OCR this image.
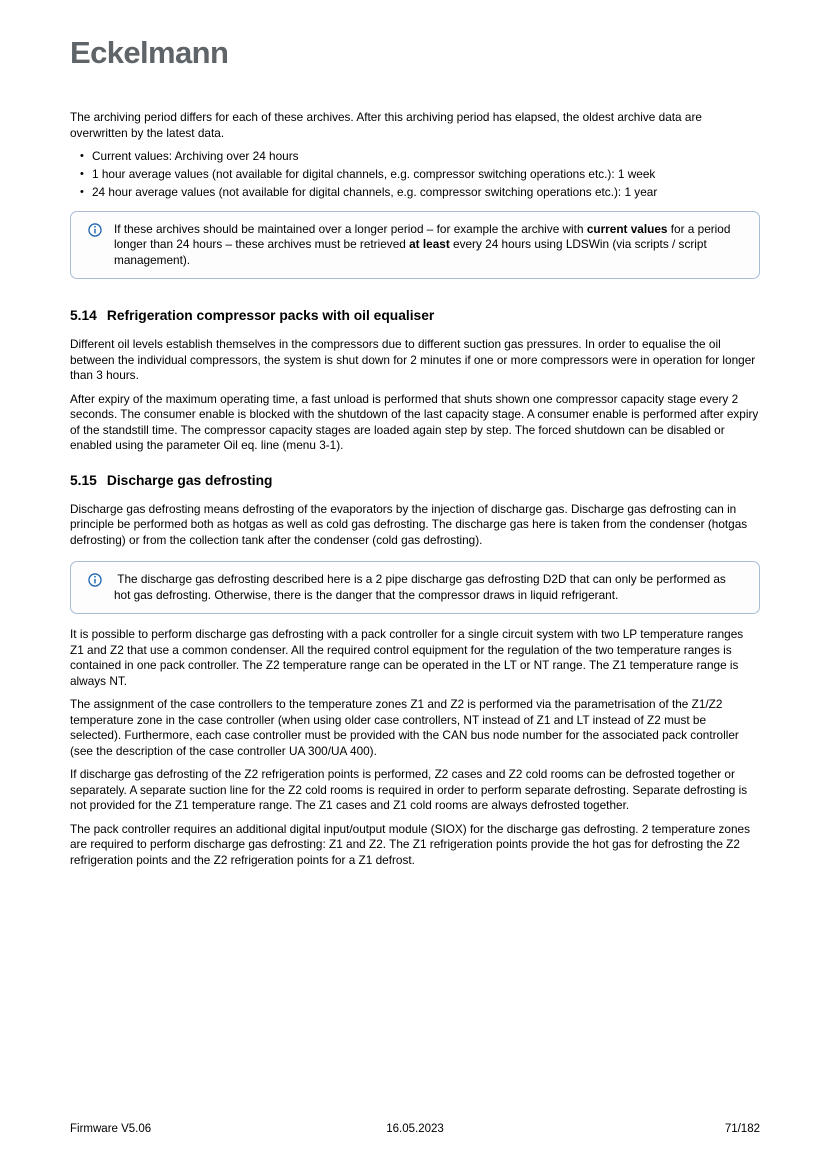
Eckelmann
The archiving period differs for each of these archives. After this archiving period has elapsed, the oldest archive data are overwritten by the latest data.
• Current values: Archiving over 24 hours
• 1 hour average values (not available for digital channels, e.g. compressor switching operations etc.): 1 week
• 24 hour average values (not available for digital channels, e.g. compressor switching operations etc.): 1 year
If these archives should be maintained over a longer period – for example the archive with current values for a period longer than 24 hours – these archives must be retrieved at least every 24 hours using LDSWin (via scripts / script management).
5.14 Refrigeration compressor packs with oil equaliser
Different oil levels establish themselves in the compressors due to different suction gas pressures. In order to equalise the oil between the individual compressors, the system is shut down for 2 minutes if one or more compressors were in operation for longer than 3 hours.
After expiry of the maximum operating time, a fast unload is performed that shuts shown one compressor capacity stage every 2 seconds. The consumer enable is blocked with the shutdown of the last capacity stage. A consumer enable is performed after expiry of the standstill time. The compressor capacity stages are loaded again step by step. The forced shutdown can be disabled or enabled using the parameter Oil eq. line (menu 3-1).
5.15 Discharge gas defrosting
Discharge gas defrosting means defrosting of the evaporators by the injection of discharge gas. Discharge gas defrosting can in principle be performed both as hotgas as well as cold gas defrosting. The discharge gas here is taken from the condenser (hotgas defrosting) or from the collection tank after the condenser (cold gas defrosting).
The discharge gas defrosting described here is a 2 pipe discharge gas defrosting D2D that can only be performed as hot gas defrosting. Otherwise, there is the danger that the compressor draws in liquid refrigerant.
It is possible to perform discharge gas defrosting with a pack controller for a single circuit system with two LP temperature ranges Z1 and Z2 that use a common condenser. All the required control equipment for the regulation of the two temperature ranges is contained in one pack controller. The Z2 temperature range can be operated in the LT or NT range. The Z1 temperature range is always NT.
The assignment of the case controllers to the temperature zones Z1 and Z2 is performed via the parametrisation of the Z1/Z2 temperature zone in the case controller (when using older case controllers, NT instead of Z1 and LT instead of Z2 must be selected). Furthermore, each case controller must be provided with the CAN bus node number for the associated pack controller (see the description of the case controller UA 300/UA 400).
If discharge gas defrosting of the Z2 refrigeration points is performed, Z2 cases and Z2 cold rooms can be defrosted together or separately. A separate suction line for the Z2 cold rooms is required in order to perform separate defrosting. Separate defrosting is not provided for the Z1 temperature range. The Z1 cases and Z1 cold rooms are always defrosted together.
The pack controller requires an additional digital input/output module (SIOX) for the discharge gas defrosting. 2 temperature zones are required to perform discharge gas defrosting: Z1 and Z2. The Z1 refrigeration points provide the hot gas for defrosting the Z2 refrigeration points and the Z2 refrigeration points for a Z1 defrost.
Firmware V5.06	16.05.2023	71/182
